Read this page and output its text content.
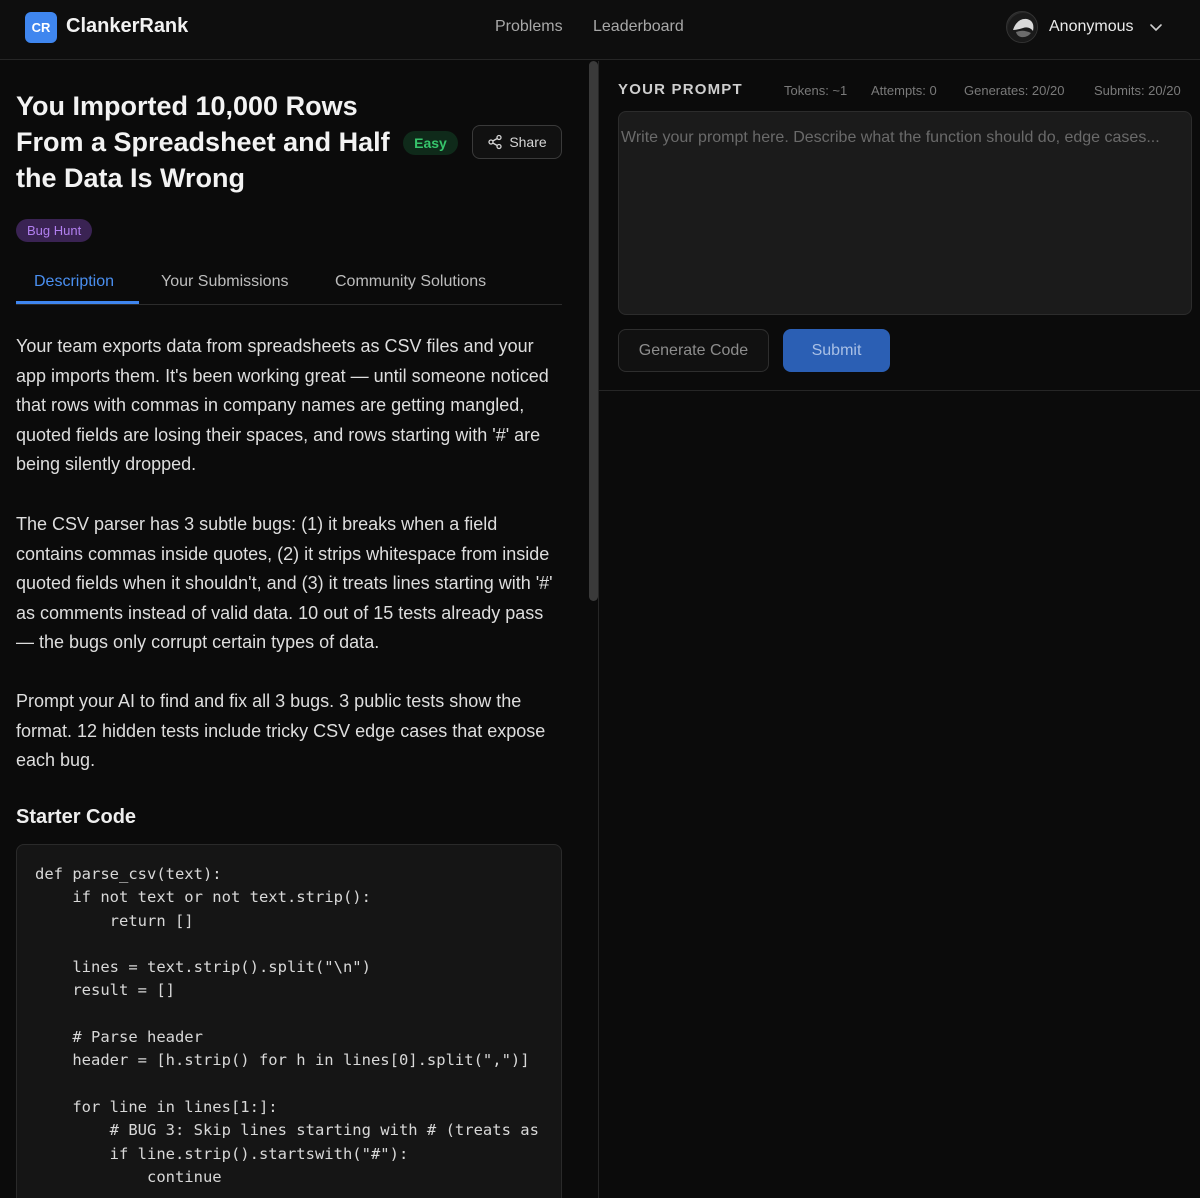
CR ClankerRank	Problems Leaderboard	Anonymous
You Imported 10,000 Rows From a Spreadsheet and Half the Data Is Wrong
Easy	Share
Bug Hunt
Description	Your Submissions	Community Solutions
Your team exports data from spreadsheets as CSV files and your app imports them. It's been working great — until someone noticed that rows with commas in company names are getting mangled, quoted fields are losing their spaces, and rows starting with '#' are being silently dropped.
The CSV parser has 3 subtle bugs: (1) it breaks when a field contains commas inside quotes, (2) it strips whitespace from inside quoted fields when it shouldn't, and (3) it treats lines starting with '#' as comments instead of valid data. 10 out of 15 tests already pass — the bugs only corrupt certain types of data.
Prompt your AI to find and fix all 3 bugs. 3 public tests show the format. 12 hidden tests include tricky CSV edge cases that expose each bug.
Starter Code
def parse_csv(text):
if not text or not text.strip():
return []

lines = text.strip().split("\n")
result = []

# Parse header
header = [h.strip() for h in lines[0].split(",")]

for line in lines[1:]:
# BUG 3: Skip lines starting with # (treats as
if line.strip().startswith("#"):
continue
YOUR PROMPT	Tokens: ~1 Attempts: 0 Generates: 20/20 Submits: 20/20
Write your prompt here. Describe what the function should do, edge cases...
Generate Code	Submit
